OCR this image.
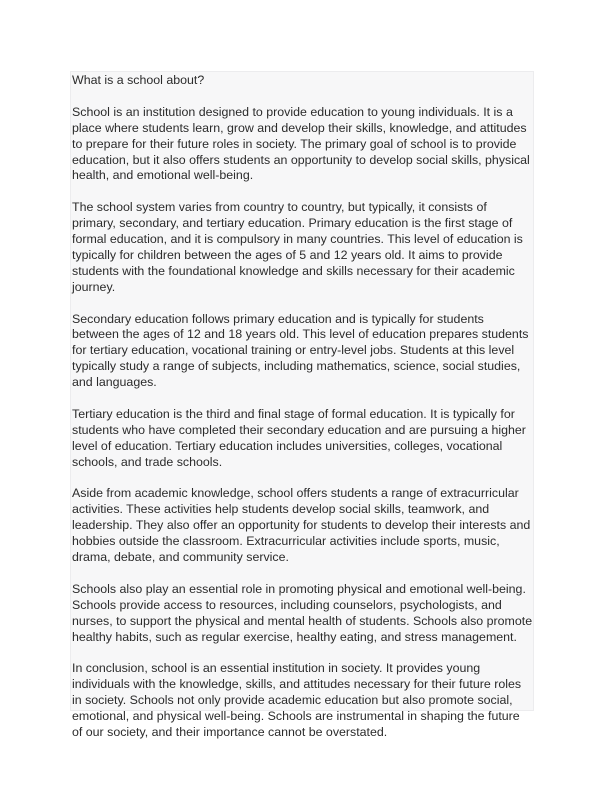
What is a school about?

School is an institution designed to provide education to young individuals. It is a place where students learn, grow and develop their skills, knowledge, and attitudes to prepare for their future roles in society. The primary goal of school is to provide education, but it also offers students an opportunity to develop social skills, physical health, and emotional well-being.

The school system varies from country to country, but typically, it consists of primary, secondary, and tertiary education. Primary education is the first stage of formal education, and it is compulsory in many countries. This level of education is typically for children between the ages of 5 and 12 years old. It aims to provide students with the foundational knowledge and skills necessary for their academic journey.

Secondary education follows primary education and is typically for students between the ages of 12 and 18 years old. This level of education prepares students for tertiary education, vocational training or entry-level jobs. Students at this level typically study a range of subjects, including mathematics, science, social studies, and languages.

Tertiary education is the third and final stage of formal education. It is typically for students who have completed their secondary education and are pursuing a higher level of education. Tertiary education includes universities, colleges, vocational schools, and trade schools.

Aside from academic knowledge, school offers students a range of extracurricular activities. These activities help students develop social skills, teamwork, and leadership. They also offer an opportunity for students to develop their interests and hobbies outside the classroom. Extracurricular activities include sports, music, drama, debate, and community service.

Schools also play an essential role in promoting physical and emotional well-being. Schools provide access to resources, including counselors, psychologists, and nurses, to support the physical and mental health of students. Schools also promote healthy habits, such as regular exercise, healthy eating, and stress management.

In conclusion, school is an essential institution in society. It provides young individuals with the knowledge, skills, and attitudes necessary for their future roles in society. Schools not only provide academic education but also promote social, emotional, and physical well-being. Schools are instrumental in shaping the future of our society, and their importance cannot be overstated.
